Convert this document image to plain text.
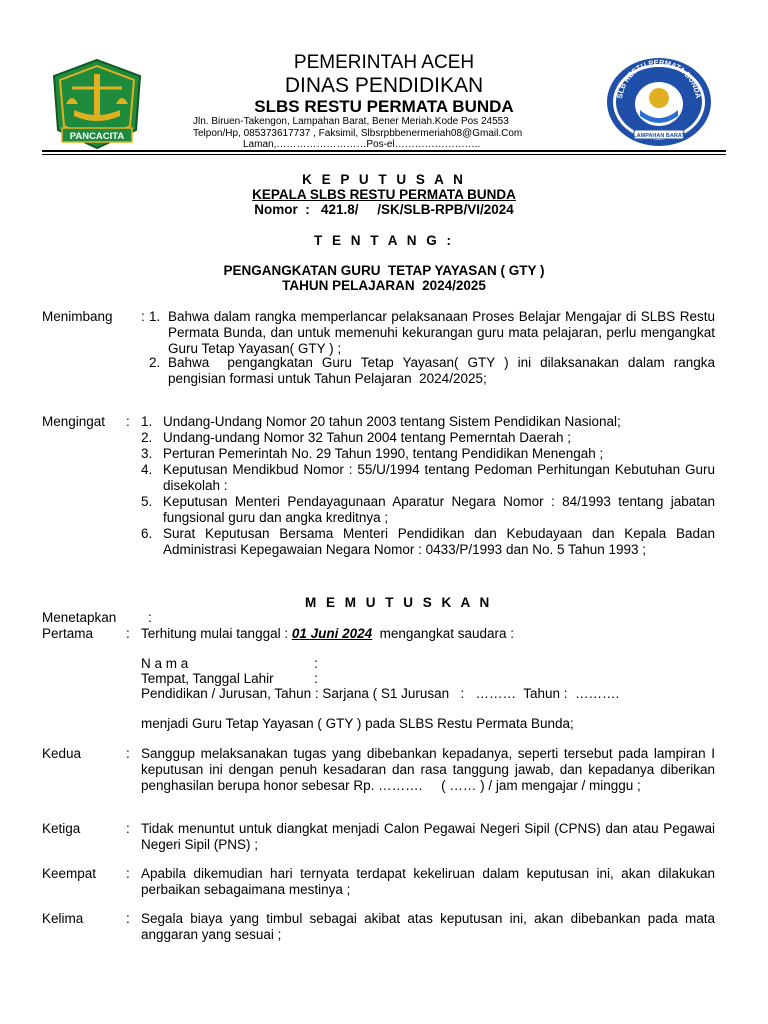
PANCACITA
SLB RESTU PERMATA BUNDA
LAMPAHAN BARAT
PEMERINTAH ACEH
DINAS PENDIDIKAN
SLBS RESTU PERMATA BUNDA
Jln. Biruen-Takengon, Lampahan Barat, Bener Meriah.Kode Pos 24553
Telpon/Hp, 085373617737 , Faksimil, Slbsrpbbenermeriah08@Gmail.Com
Laman,………………………Pos-el……………………..
K E P U T U S A N
KEPALA SLBS RESTU PERMATA BUNDA
Nomor  :   421.8/     /SK/SLB-RPB/VI/2024
T E N T A N G :
PENGANGKATAN GURU  TETAP YAYASAN ( GTY )
TAHUN PELAJARAN  2024/2025
Menimbang : 1. Bahwa dalam rangka memperlancar pelaksanaan Proses Belajar Mengajar di SLBS Restu Permata Bunda, dan untuk memenuhi kekurangan guru mata pelajaran, perlu mengangkat Guru Tetap Yayasan( GTY ) ;
2. Bahwa  pengangkatan Guru Tetap Yayasan( GTY ) ini dilaksanakan dalam rangka pengisian formasi untuk Tahun Pelajaran  2024/2025;
Mengingat : 1. Undang-Undang Nomor 20 tahun 2003 tentang Sistem Pendidikan Nasional;
2. Undang-undang Nomor 32 Tahun 2004 tentang Pemerntah Daerah ;
3. Perturan Pemerintah No. 29 Tahun 1990, tentang Pendidikan Menengah ;
4. Keputusan Mendikbud Nomor : 55/U/1994 tentang Pedoman Perhitungan Kebutuhan Guru disekolah :
5. Keputusan Menteri Pendayagunaan Aparatur Negara Nomor : 84/1993 tentang jabatan fungsional guru dan angka kreditnya ;
6. Surat Keputusan Bersama Menteri Pendidikan dan Kebudayaan dan Kepala Badan Administrasi Kepegawaian Negara Nomor : 0433/P/1993 dan No. 5 Tahun 1993 ;
M E M U T U S K A N
Menetapkan :
Pertama : Terhitung mulai tanggal : 01 Juni 2024  mengangkat saudara :
N a m a	:
Tempat, Tanggal Lahir	:
Pendidikan / Jurusan, Tahun : Sarjana ( S1 Jurusan   :   ………  Tahun :  ……….
menjadi Guru Tetap Yayasan ( GTY ) pada SLBS Restu Permata Bunda;
Kedua	: Sanggup melaksanakan tugas yang dibebankan kepadanya, seperti tersebut pada lampiran I keputusan ini dengan penuh kesadaran dan rasa tanggung jawab, dan kepadanya diberikan penghasilan berupa honor sebesar Rp. ……….     ( …… ) / jam mengajar / minggu ;
Ketiga	: Tidak menuntut untuk diangkat menjadi Calon Pegawai Negeri Sipil (CPNS) dan atau Pegawai Negeri Sipil (PNS) ;
Keempat : Apabila dikemudian hari ternyata terdapat kekeliruan dalam keputusan ini, akan dilakukan perbaikan sebagaimana mestinya ;
Kelima	: Segala biaya yang timbul sebagai akibat atas keputusan ini, akan dibebankan pada mata anggaran yang sesuai ;
